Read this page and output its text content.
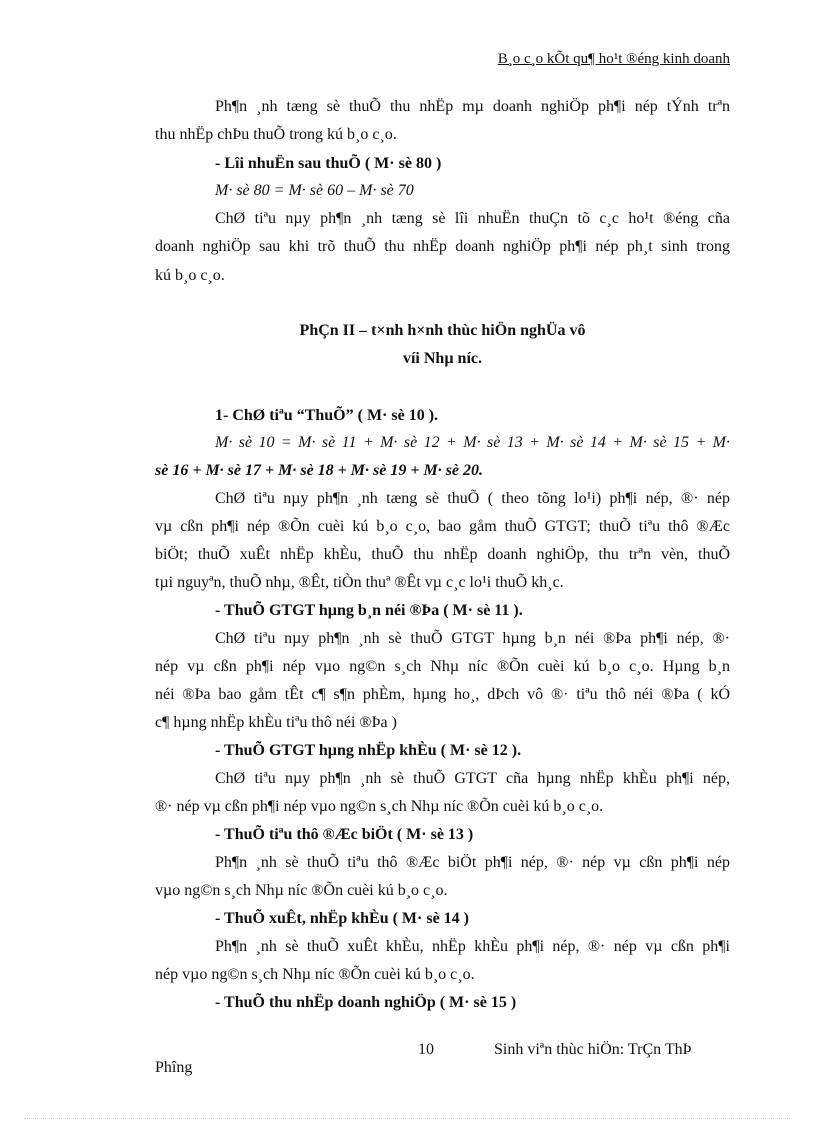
B¸o c¸o kÕt qu¶ ho¹t ®éng kinh doanh
Ph¶n ¸nh tæng sè thuÕ thu nhËp mµ doanh nghiÖp ph¶i nép tÝnh trªn
thu nhËp chÞu thuÕ trong kú b¸o c¸o.
- Lîi nhuËn sau thuÕ ( M· sè 80 )
M· sè 80 = M· sè 60 – M· sè 70
ChØ tiªu nµy ph¶n ¸nh tæng sè lîi nhuËn thuÇn tõ c¸c ho¹t ®éng cña
doanh nghiÖp sau khi trõ thuÕ thu nhËp doanh nghiÖp ph¶i nép ph¸t sinh trong
kú b¸o c¸o.
PhÇn II – t×nh h×nh thùc hiÖn nghÜa vô
víi Nhµ níc.
1- ChØ tiªu “ThuÕ” ( M· sè 10 ).
M· sè 10 = M· sè 11 + M· sè 12 + M· sè 13 + M· sè 14 + M· sè 15 + M·
sè 16 + M· sè 17 + M· sè 18 + M· sè 19 + M· sè 20.
ChØ tiªu nµy ph¶n ¸nh tæng sè thuÕ ( theo tõng lo¹i) ph¶i nép, ®· nép
vµ cßn ph¶i nép ®Õn cuèi kú b¸o c¸o, bao gåm thuÕ GTGT; thuÕ tiªu thô ®Æc
biÖt; thuÕ xuÊt nhËp khÈu, thuÕ thu nhËp doanh nghiÖp, thu trªn vèn, thuÕ
tµi nguyªn, thuÕ nhµ, ®Êt, tiÒn thuª ®Êt vµ c¸c lo¹i thuÕ kh¸c.
- ThuÕ GTGT hµng b¸n néi ®Þa ( M· sè 11 ).
ChØ tiªu nµy ph¶n ¸nh sè thuÕ GTGT hµng b¸n néi ®Þa ph¶i nép, ®·
nép vµ cßn ph¶i nép vµo ng©n s¸ch Nhµ níc ®Õn cuèi kú b¸o c¸o. Hµng b¸n
néi ®Þa bao gåm tÊt c¶ s¶n phÈm, hµng ho¸, dÞch vô ®· tiªu thô néi ®Þa ( kÓ
c¶ hµng nhËp khÈu tiªu thô néi ®Þa )
- ThuÕ GTGT hµng nhËp khÈu ( M· sè 12 ).
ChØ tiªu nµy ph¶n ¸nh sè thuÕ GTGT cña hµng nhËp khÈu ph¶i nép,
®· nép vµ cßn ph¶i nép vµo ng©n s¸ch Nhµ níc ®Õn cuèi kú b¸o c¸o.
- ThuÕ tiªu thô ®Æc biÖt ( M· sè 13 )
Ph¶n ¸nh sè thuÕ tiªu thô ®Æc biÖt ph¶i nép, ®· nép vµ cßn ph¶i nép
vµo ng©n s¸ch Nhµ níc ®Õn cuèi kú b¸o c¸o.
- ThuÕ xuÊt, nhËp khÈu ( M· sè 14 )
Ph¶n ¸nh sè thuÕ xuÊt khÈu, nhËp khÈu ph¶i nép, ®· nép vµ cßn ph¶i
nép vµo ng©n s¸ch Nhµ níc ®Õn cuèi kú b¸o c¸o.
- ThuÕ thu nhËp doanh nghiÖp ( M· sè 15 )
10	Sinh viªn thùc hiÖn: TrÇn ThÞ
Phîng
